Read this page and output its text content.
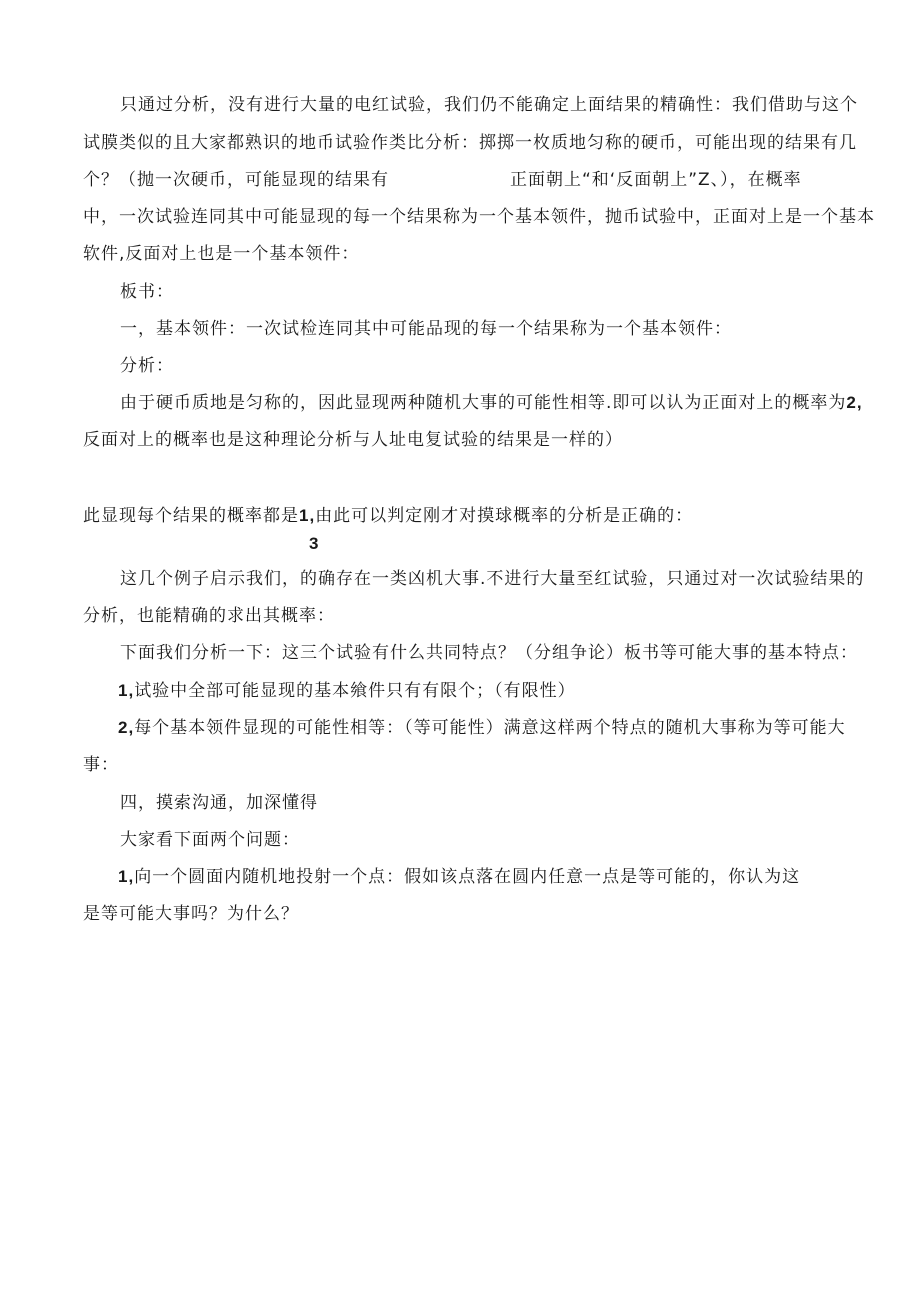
只通过分析，没有进行大量的电红试验，我们仍不能确定上面结果的精确性：我们借助与这个
试膜类似的且大家都熟识的地币试验作类比分析：掷掷一枚质地匀称的硬币，可能出现的结果有几
个？（抛一次硬币，可能显现的结果有	正面朝上“和‘反面朝上”Z、），在概率
中，一次试验连同其中可能显现的每一个结果称为一个基本领件，抛币试验中，正面对上是一个基本
软件,反面对上也是一个基本领件：
板书：
一，基本领件：一次试检连同其中可能品现的每一个结果称为一个基本领件：
分析：
由于硬币质地是匀称的，因此显现两种随机大事的可能性相等.即可以认为正面对上的概率为2,
反面对上的概率也是这种理论分析与人址电复试验的结果是一样的）
此显现每个结果的概率都是1,由此可以判定刚才对摸球概率的分析是正确的：
3
这几个例子启示我们，的确存在一类凶机大事.不进行大量至红试验，只通过对一次试验结果的
分析，也能精确的求出其概率：
下面我们分析一下：这三个试验有什么共同特点？（分组争论）板书等可能大事的基本特点：
1,试验中全部可能显现的基本飨件只有有限个；（有限性）
2,每个基本领件显现的可能性相等：（等可能性）满意这样两个特点的随机大事称为等可能大
事：
四，摸索沟通，加深懂得
大家看下面两个问题：
1,向一个圆面内随机地投射一个点：假如该点落在圆内任意一点是等可能的，你认为这
是等可能大事吗？为什么？
